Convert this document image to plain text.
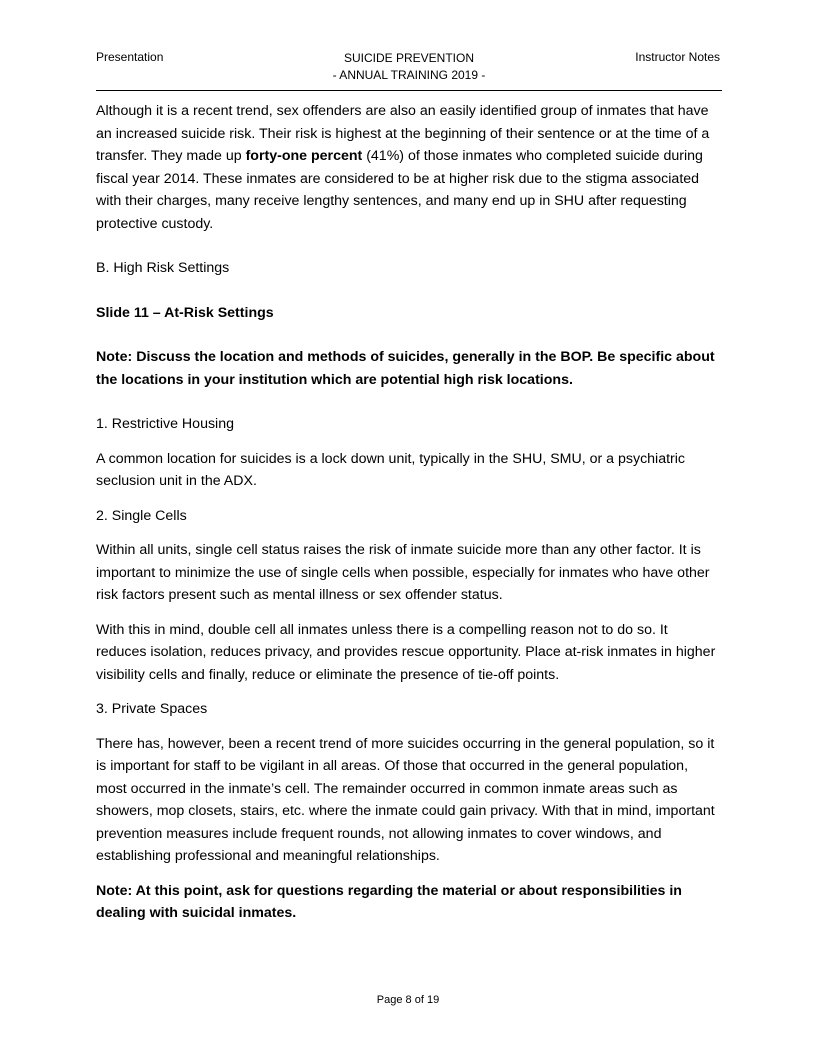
Presentation	SUICIDE PREVENTION
- ANNUAL TRAINING 2019 -
Instructor Notes

Although it is a recent trend, sex offenders are also an easily identified group of inmates that have an increased suicide risk. Their risk is highest at the beginning of their sentence or at the time of a transfer. They made up forty-one percent (41%) of those inmates who completed suicide during fiscal year 2014. These inmates are considered to be at higher risk due to the stigma associated with their charges, many receive lengthy sentences, and many end up in SHU after requesting protective custody.

B. High Risk Settings

Slide 11 – At-Risk Settings

Note: Discuss the location and methods of suicides, generally in the BOP. Be specific about the locations in your institution which are potential high risk locations.

1. Restrictive Housing

A common location for suicides is a lock down unit, typically in the SHU, SMU, or a psychiatric seclusion unit in the ADX.

2. Single Cells

Within all units, single cell status raises the risk of inmate suicide more than any other factor. It is important to minimize the use of single cells when possible, especially for inmates who have other risk factors present such as mental illness or sex offender status.

With this in mind, double cell all inmates unless there is a compelling reason not to do so. It reduces isolation, reduces privacy, and provides rescue opportunity. Place at-risk inmates in higher visibility cells and finally, reduce or eliminate the presence of tie-off points.

3. Private Spaces

There has, however, been a recent trend of more suicides occurring in the general population, so it is important for staff to be vigilant in all areas. Of those that occurred in the general population, most occurred in the inmate’s cell. The remainder occurred in common inmate areas such as showers, mop closets, stairs, etc. where the inmate could gain privacy. With that in mind, important prevention measures include frequent rounds, not allowing inmates to cover windows, and establishing professional and meaningful relationships.

Note: At this point, ask for questions regarding the material or about responsibilities in dealing with suicidal inmates.

Page 8 of 19
